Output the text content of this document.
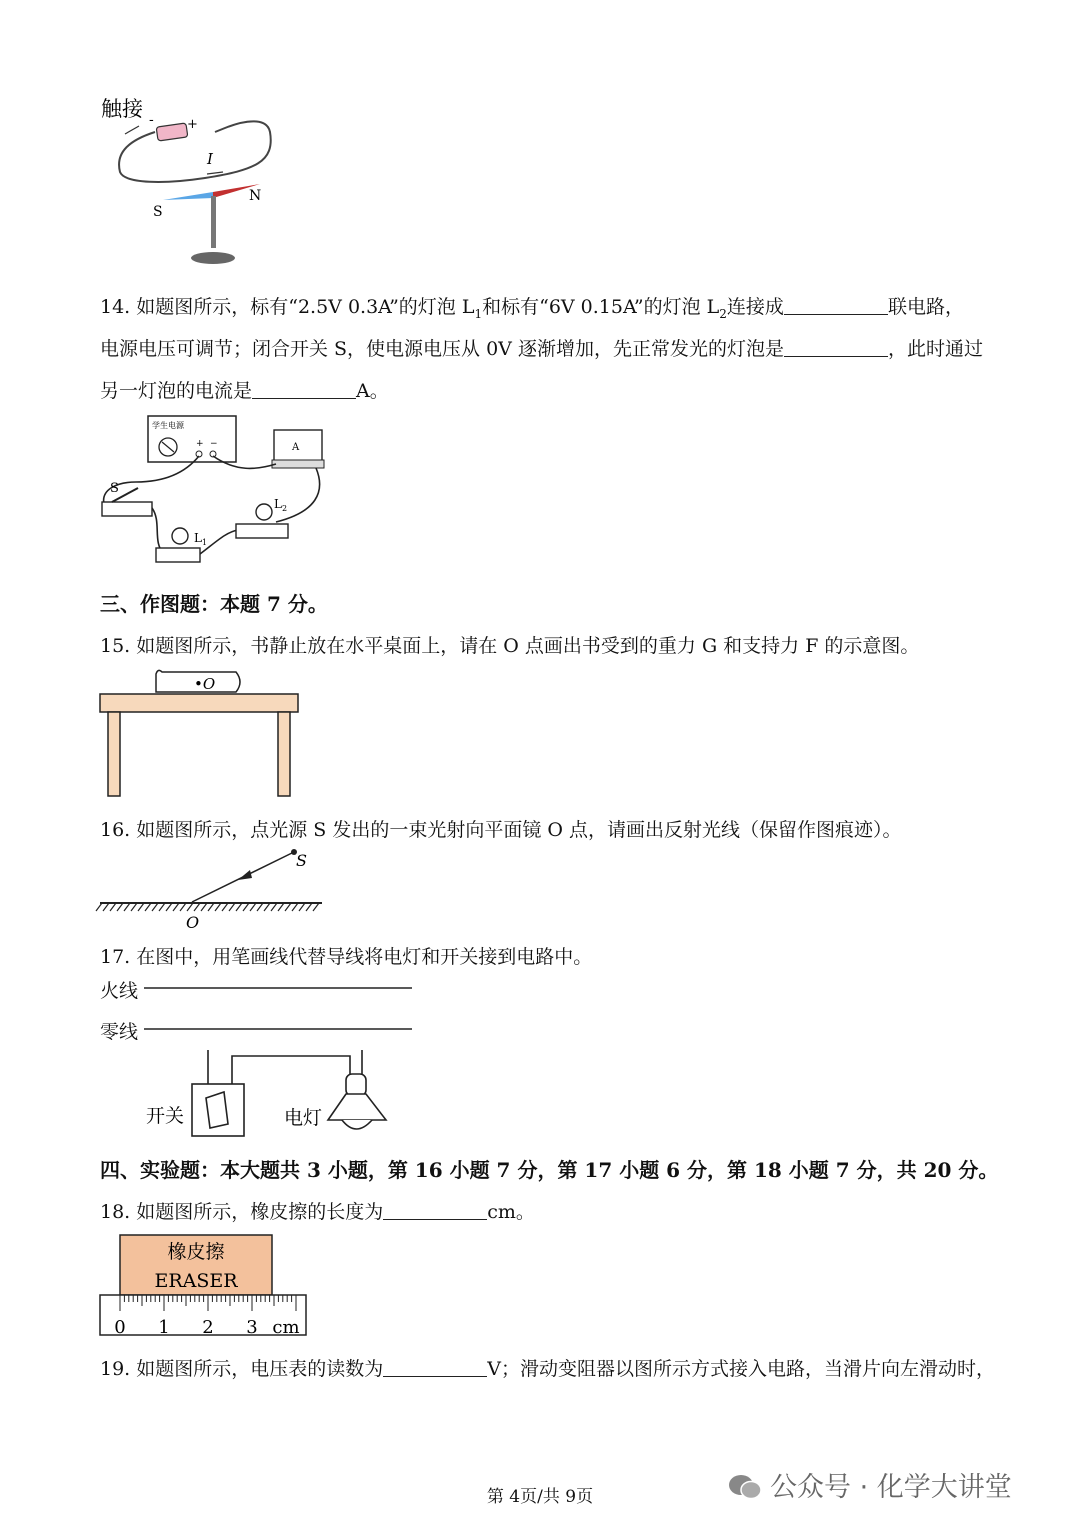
触接 -	+
I
S
N
14. 如题图所示，标有“2.5V 0.3A”的灯泡 $L_1$和标有“6V 0.15A”的灯泡 $L_2$连接成	联电路，
电源电压可调节；闭合开关 S，使电源电压从 0V 逐渐增加，先正常发光的灯泡是	，此时通过
另一灯泡的电流是	A。
学生电源
+ −	A
S
$L_1$
$L_2$
三、作图题：本题 7 分。
15. 如题图所示，书静止放在水平桌面上，请在 O 点画出书受到的重力 G 和支持力 F 的示意图。
•O
16. 如题图所示，点光源 S 发出的一束光射向平面镜 O 点，请画出反射光线（保留作图痕迹）。
S
O
17. 在图中，用笔画线代替导线将电灯和开关接到电路中。
火线
零线
开关	电灯
四、实验题：本大题共 3 小题，第 16 小题 7 分，第 17 小题 6 分，第 18 小题 7 分，共 20 分。
18. 如题图所示，橡皮擦的长度为	cm。
橡皮擦
ERASER
0 1 2 3 cm
19. 如题图所示，电压表的读数为	V；滑动变阻器以图所示方式接入电路，当滑片向左滑动时，
第 4页/共 9页	公众号 · 化学大讲堂
